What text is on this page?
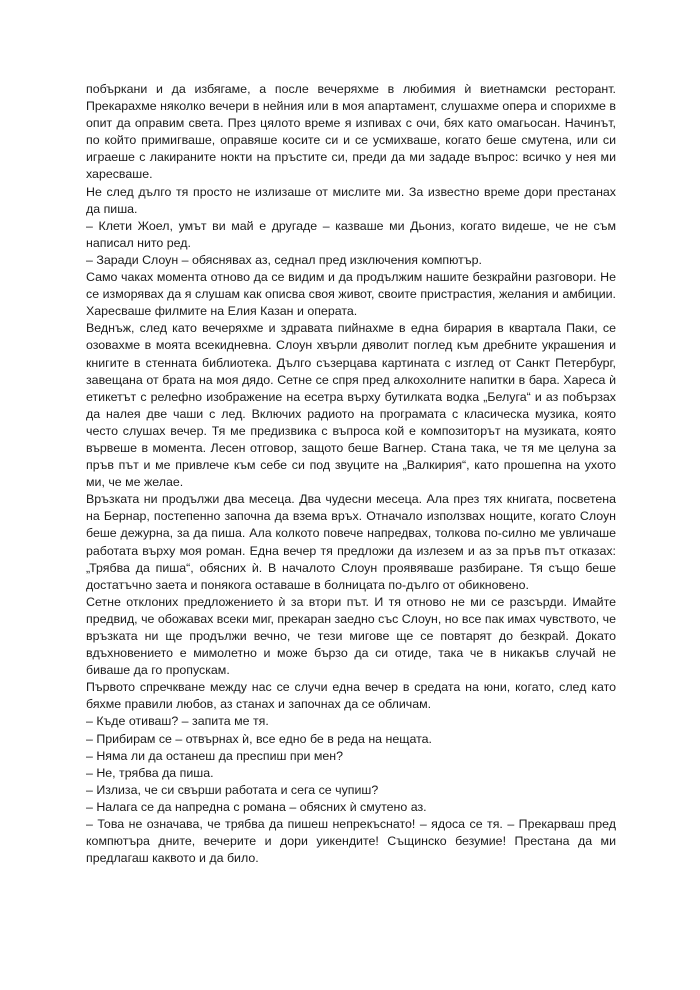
побъркани и да избягаме, а после вечеряхме в любимия ѝ виетнамски ресторант. Прекарахме няколко вечери в нейния или в моя апартамент, слушахме опера и спорихме в опит да оправим света. През цялото време я изпивах с очи, бях като омагьосан. Начинът, по който примигваше, оправяше косите си и се усмихваше, когато беше смутена, или си играеше с лакираните нокти на пръстите си, преди да ми зададе въпрос: всичко у нея ми харесваше.

Не след дълго тя просто не излизаше от мислите ми. За известно време дори престанах да пиша.

– Клети Жоел, умът ви май е другаде – казваше ми Дьониз, когато видеше, че не съм написал нито ред.

– Заради Слоун – обяснявах аз, седнал пред изключения компютър.

Само чаках момента отново да се видим и да продължим нашите безкрайни разговори. Не се изморявах да я слушам как описва своя живот, своите пристрастия, желания и амбиции. Харесваше филмите на Елия Казан и операта.

Веднъж, след като вечеряхме и здравата пийнахме в една бирария в квартала Паки, се озовахме в моята всекидневна. Слоун хвърли дяволит поглед към дребните украшения и книгите в стенната библиотека. Дълго съзерцава картината с изглед от Санкт Петербург, завещана от брата на моя дядо. Сетне се спря пред алкохолните напитки в бара. Хареса ѝ етикетът с релефно изображение на есетра върху бутилката водка „Белуга“ и аз побързах да налея две чаши с лед. Включих радиото на програмата с класическа музика, която често слушах вечер. Тя ме предизвика с въпроса кой е композиторът на музиката, която вървеше в момента. Лесен отговор, защото беше Вагнер. Стана така, че тя ме целуна за пръв път и ме привлече към себе си под звуците на „Валкирия“, като прошепна на ухото ми, че ме желае.

Връзката ни продължи два месеца. Два чудесни месеца. Ала през тях книгата, посветена на Бернар, постепенно започна да взема връх. Отначало използвах нощите, когато Слоун беше дежурна, за да пиша. Ала колкото повече напредвах, толкова по-силно ме увличаше работата върху моя роман. Една вечер тя предложи да излезем и аз за пръв път отказах: „Трябва да пиша“, обясних ѝ. В началото Слоун проявяваше разбиране. Тя също беше достатъчно заета и понякога оставаше в болницата по-дълго от обикновено.

Сетне отклоних предложението ѝ за втори път. И тя отново не ми се разсърди. Имайте предвид, че обожавах всеки миг, прекаран заедно със Слоун, но все пак имах чувството, че връзката ни ще продължи вечно, че тези мигове ще се повтарят до безкрай. Докато вдъхновението е мимолетно и може бързо да си отиде, така че в никакъв случай не биваше да го пропускам.

Първото спречкване между нас се случи една вечер в средата на юни, когато, след като бяхме правили любов, аз станах и започнах да се обличам.

– Къде отиваш? – запита ме тя.

– Прибирам се – отвърнах ѝ, все едно бе в реда на нещата.

– Няма ли да останеш да преспиш при мен?

– Не, трябва да пиша.

– Излиза, че си свърши работата и сега се чупиш?

– Налага се да напредна с романа – обясних ѝ смутено аз.

– Това не означава, че трябва да пишеш непрекъснато! – ядоса се тя. – Прекарваш пред компютъра дните, вечерите и дори уикендите! Същинско безумие! Престана да ми предлагаш каквото и да било.
